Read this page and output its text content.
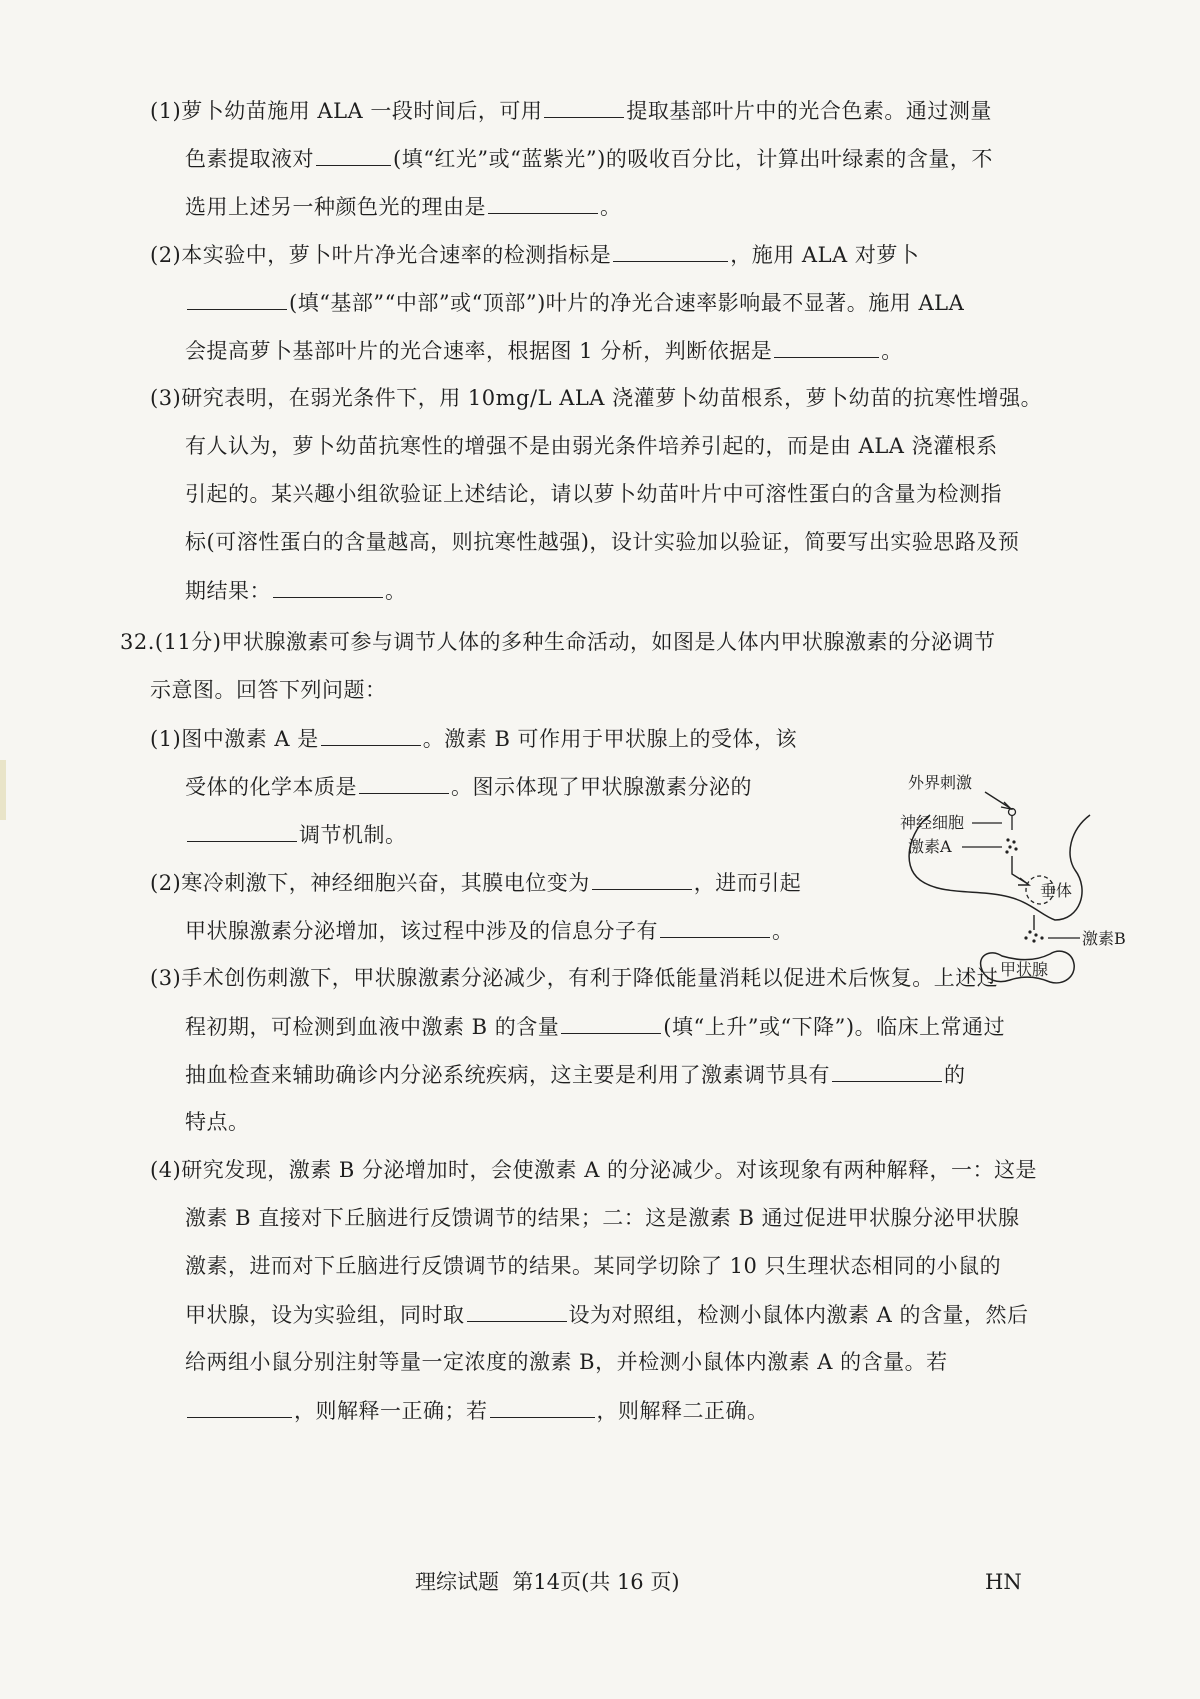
(1)萝卜幼苗施用 ALA 一段时间后，可用	提取基部叶片中的光合色素。通过测量
色素提取液对	(填“红光”或“蓝紫光”)的吸收百分比，计算出叶绿素的含量，不
选用上述另一种颜色光的理由是	。
(2)本实验中，萝卜叶片净光合速率的检测指标是	，施用 ALA 对萝卜
(填“基部”“中部”或“顶部”)叶片的净光合速率影响最不显著。施用 ALA
会提高萝卜基部叶片的光合速率，根据图 1 分析，判断依据是	。
(3)研究表明，在弱光条件下，用 10mg/L ALA 浇灌萝卜幼苗根系，萝卜幼苗的抗寒性增强。
有人认为，萝卜幼苗抗寒性的增强不是由弱光条件培养引起的，而是由 ALA 浇灌根系
引起的。某兴趣小组欲验证上述结论，请以萝卜幼苗叶片中可溶性蛋白的含量为检测指
标(可溶性蛋白的含量越高，则抗寒性越强)，设计实验加以验证，简要写出实验思路及预
期结果：	。
32.(11分)甲状腺激素可参与调节人体的多种生命活动，如图是人体内甲状腺激素的分泌调节
示意图。回答下列问题：
(1)图中激素 A 是	。激素 B 可作用于甲状腺上的受体，该
受体的化学本质是	。图示体现了甲状腺激素分泌的
调节机制。
(2)寒冷刺激下，神经细胞兴奋，其膜电位变为	，进而引起
甲状腺激素分泌增加，该过程中涉及的信息分子有	。
(3)手术创伤刺激下，甲状腺激素分泌减少，有利于降低能量消耗以促进术后恢复。上述过
程初期，可检测到血液中激素 B 的含量	(填“上升”或“下降”)。临床上常通过
抽血检查来辅助确诊内分泌系统疾病，这主要是利用了激素调节具有	的
特点。
(4)研究发现，激素 B 分泌增加时，会使激素 A 的分泌减少。对该现象有两种解释，一：这是
激素 B 直接对下丘脑进行反馈调节的结果；二：这是激素 B 通过促进甲状腺分泌甲状腺
激素，进而对下丘脑进行反馈调节的结果。某同学切除了 10 只生理状态相同的小鼠的
甲状腺，设为实验组，同时取	设为对照组，检测小鼠体内激素 A 的含量，然后
给两组小鼠分别注射等量一定浓度的激素 B，并检测小鼠体内激素 A 的含量。若
，则解释一正确；若	，则解释二正确。
外界刺激
神经细胞
激素A
垂体
激素B
甲状腺
理综试题 第14页(共 16 页)	HN
